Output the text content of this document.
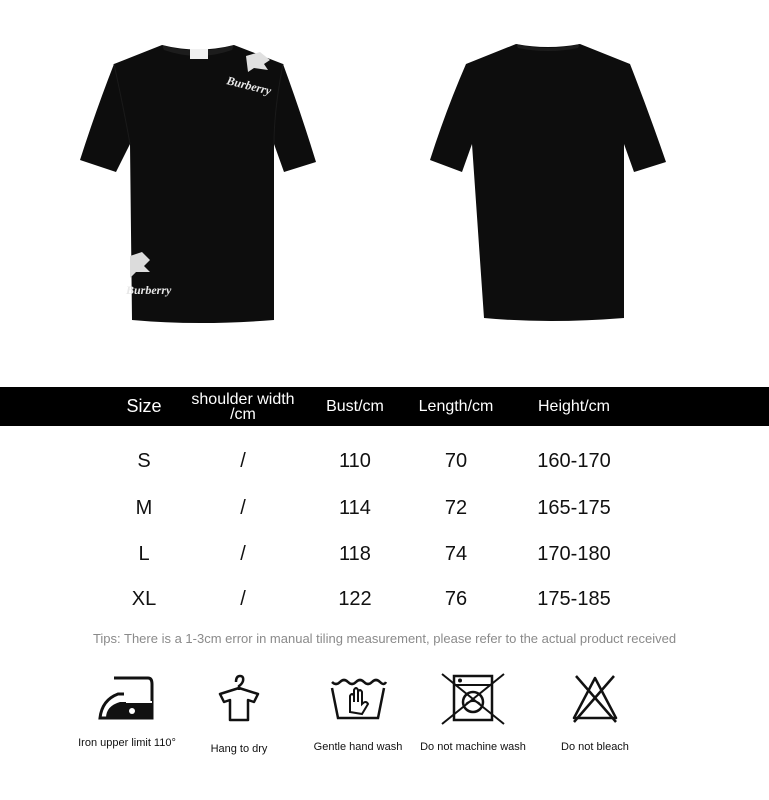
Burberry
Burberry
Size	shoulder width /cm	Bust/cm	Length/cm	Height/cm
S	/	110	70	160-170
M	/	114	72	165-175
L	/	118	74	170-180
XL	/	122	76	175-185
Tips: There is a 1-3cm error in manual tiling measurement, please refer to the actual product received
Iron upper limit 110°	Hang to dry	Gentle hand wash	Do not machine wash	Do not bleach
